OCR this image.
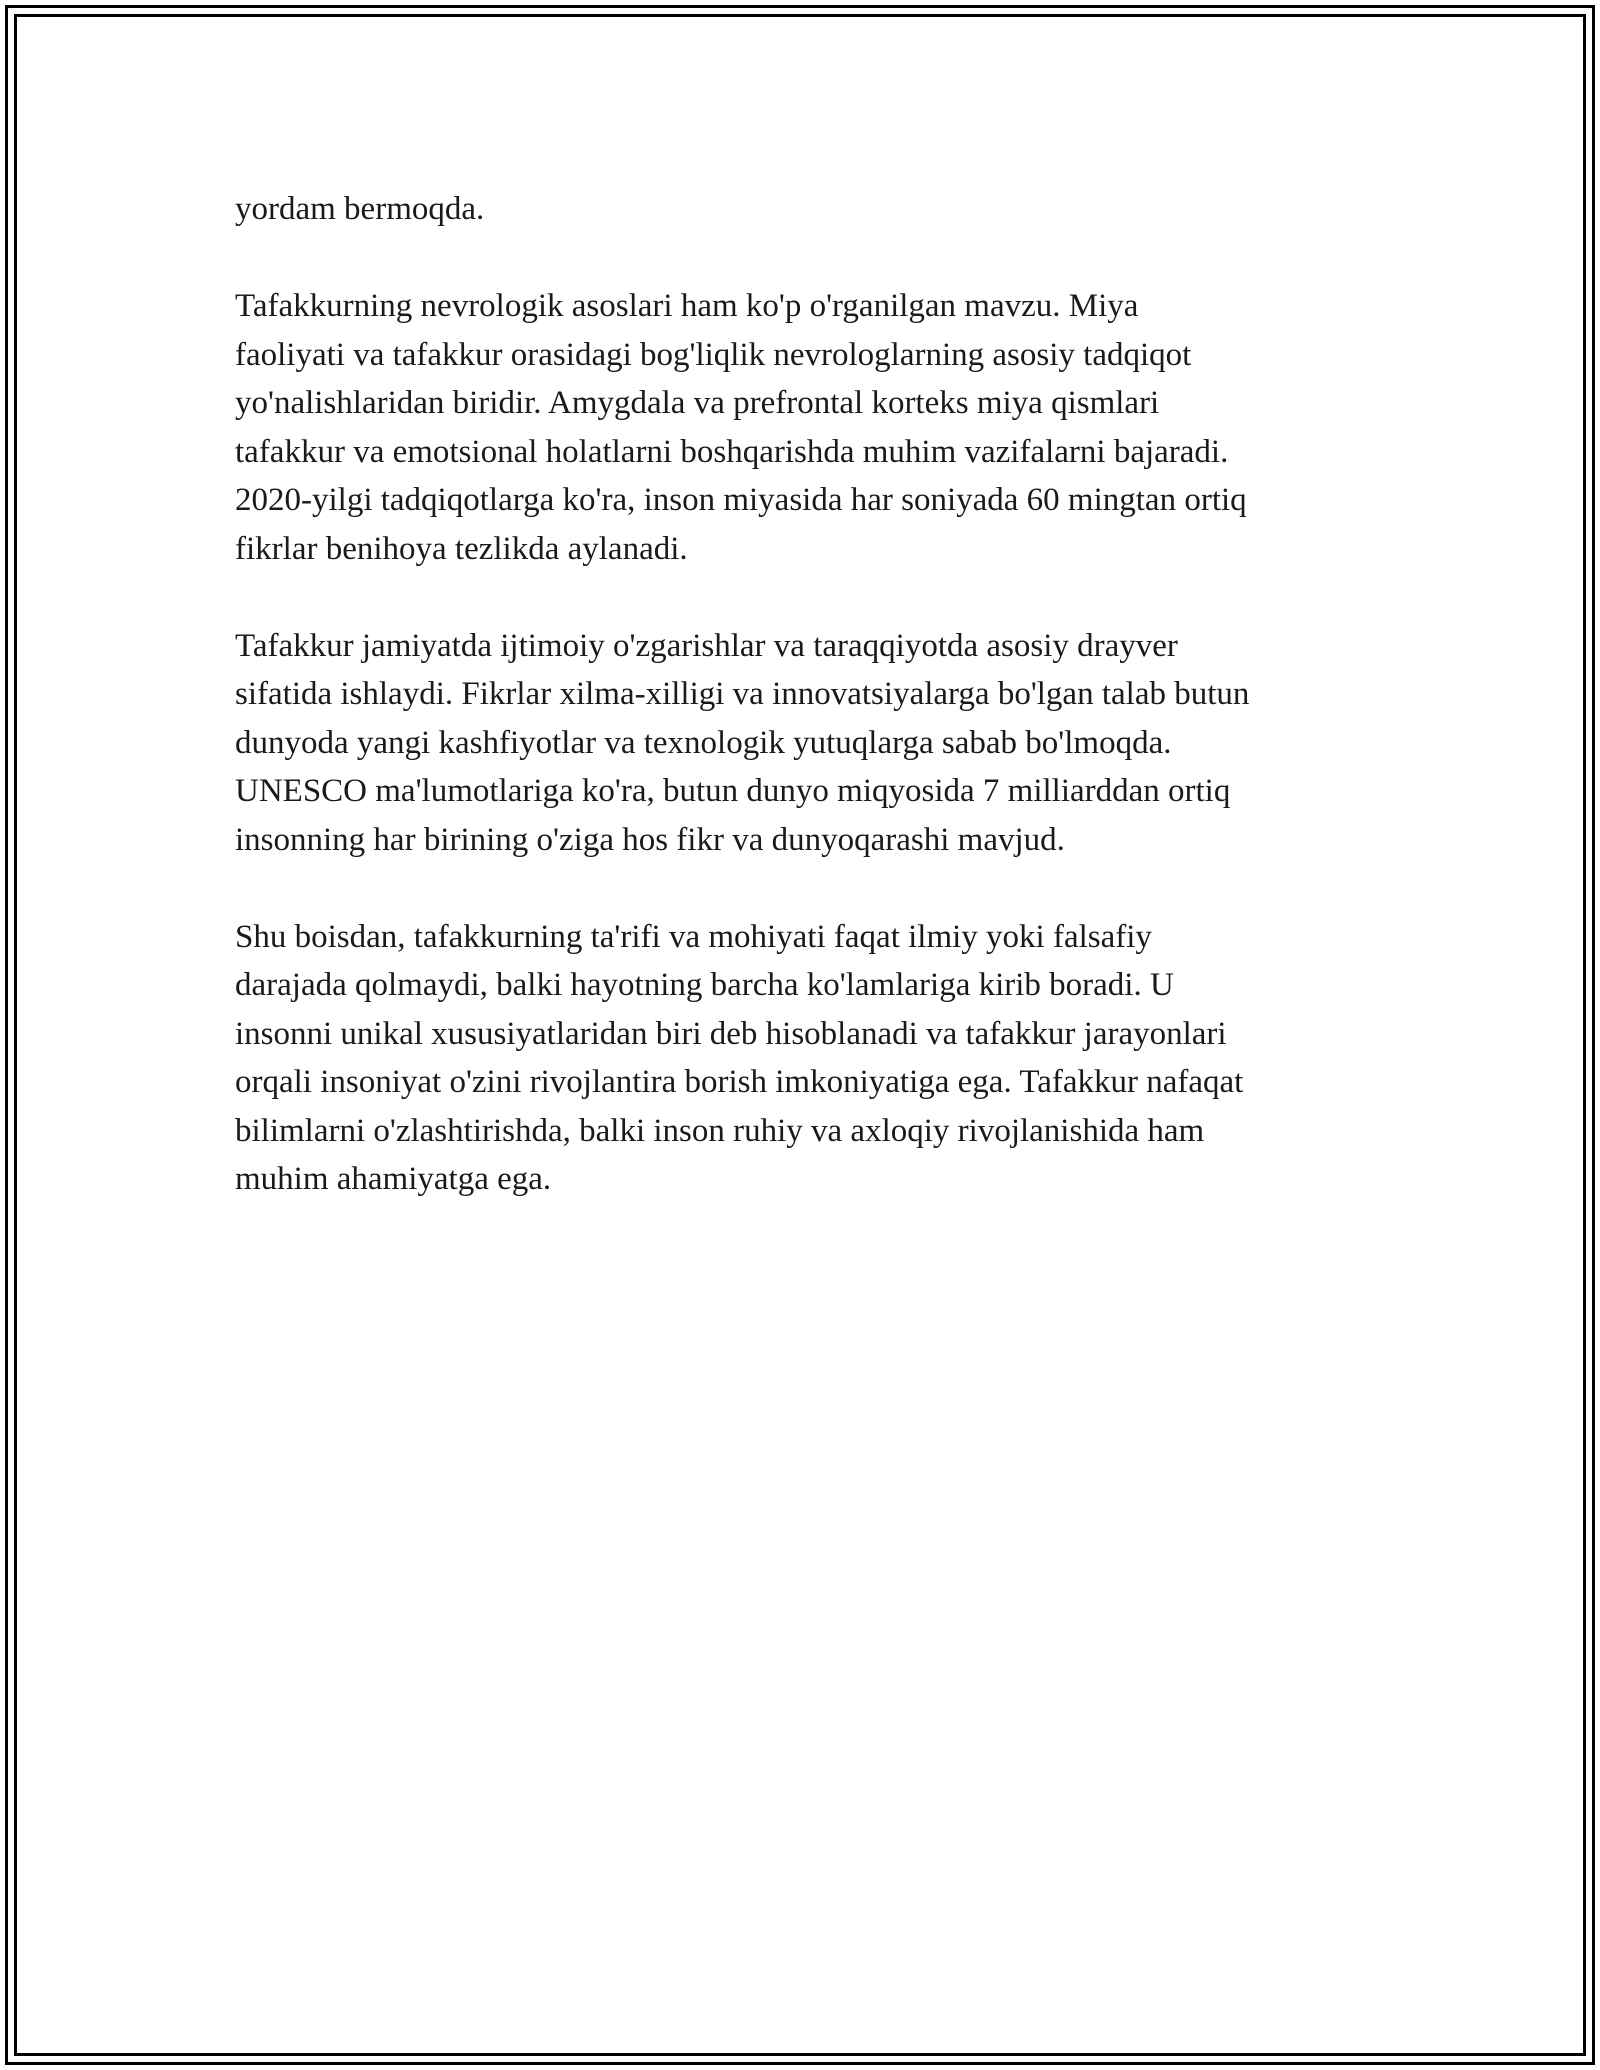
yordam bermoqda.

Tafakkurning nevrologik asoslari ham ko'p o'rganilgan mavzu. Miya
faoliyati va tafakkur orasidagi bog'liqlik nevrologlarning asosiy tadqiqot
yo'nalishlaridan biridir. Amygdala va prefrontal korteks miya qismlari
tafakkur va emotsional holatlarni boshqarishda muhim vazifalarni bajaradi.
2020-yilgi tadqiqotlarga ko'ra, inson miyasida har soniyada 60 mingtan ortiq
fikrlar benihoya tezlikda aylanadi.

Tafakkur jamiyatda ijtimoiy o'zgarishlar va taraqqiyotda asosiy drayver
sifatida ishlaydi. Fikrlar xilma-xilligi va innovatsiyalarga bo'lgan talab butun
dunyoda yangi kashfiyotlar va texnologik yutuqlarga sabab bo'lmoqda.
UNESCO ma'lumotlariga ko'ra, butun dunyo miqyosida 7 milliarddan ortiq
insonning har birining o'ziga hos fikr va dunyoqarashi mavjud.

Shu boisdan, tafakkurning ta'rifi va mohiyati faqat ilmiy yoki falsafiy
darajada qolmaydi, balki hayotning barcha ko'lamlariga kirib boradi. U
insonni unikal xususiyatlaridan biri deb hisoblanadi va tafakkur jarayonlari
orqali insoniyat o'zini rivojlantira borish imkoniyatiga ega. Tafakkur nafaqat
bilimlarni o'zlashtirishda, balki inson ruhiy va axloqiy rivojlanishida ham
muhim ahamiyatga ega.
